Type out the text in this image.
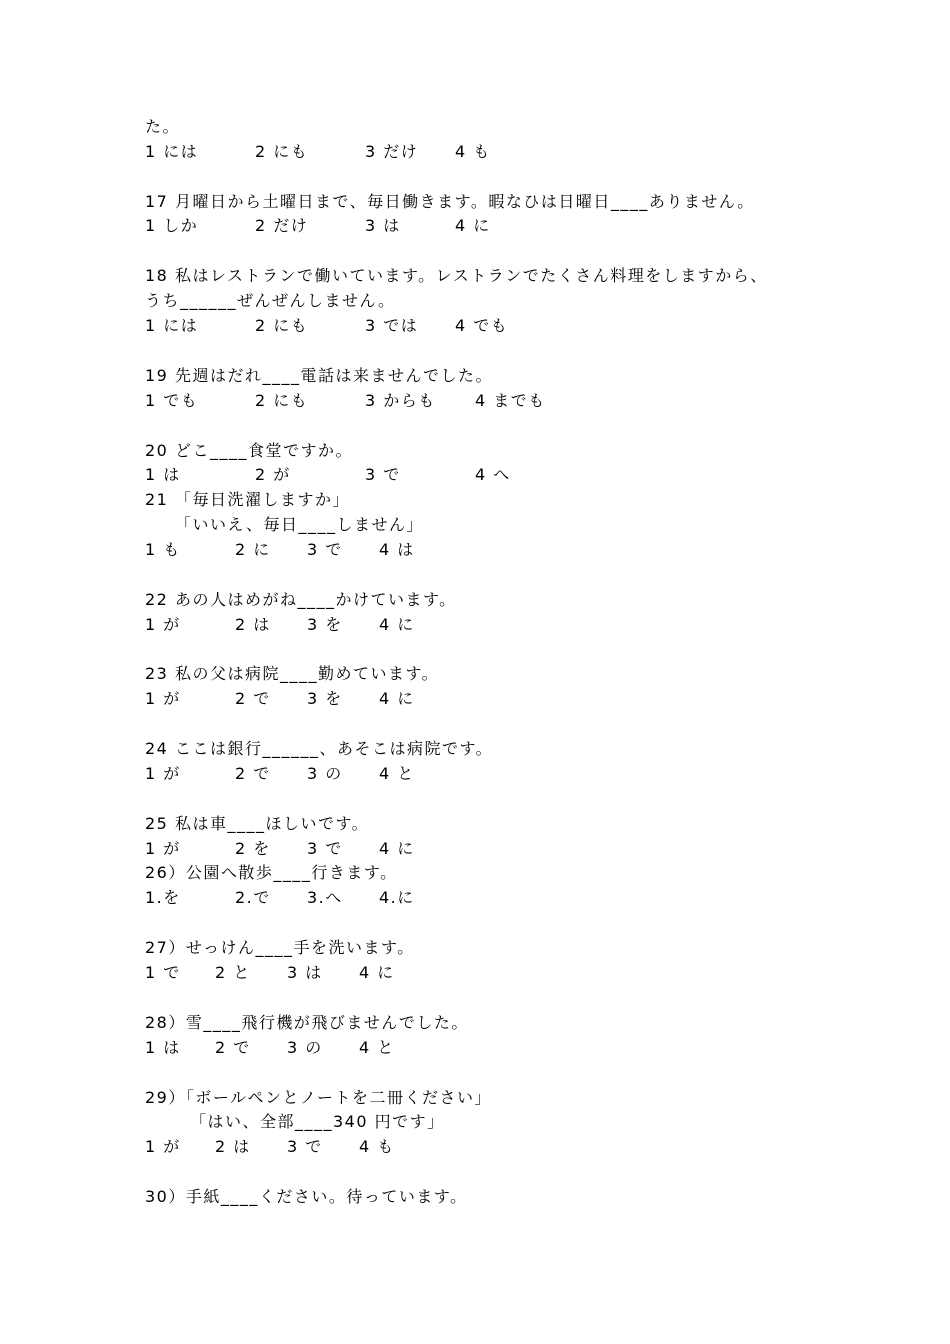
た。
1 には	2 にも	3 だけ 4 も
17 月曜日から土曜日まで、毎日働きます。暇なひは日曜日____ありません。
1 しか	2 だけ	3 は	4 に
18 私はレストランで働いています。レストランでたくさん料理をしますから、
うち______ぜんぜんしません。
1 には	2 にも	3 では 4 でも
19 先週はだれ____電話は来ませんでした。
1 でも	2 にも	3 からも 4 までも
20 どこ____食堂ですか。
1 は	2 が	3 で	4 へ
21 「毎日洗濯しますか」
「いいえ、毎日____しません」
1 も	2 に 3 で 4 は
22 あの人はめがね____かけています。
1 が	2 は 3 を 4 に
23 私の父は病院____勤めています。
1 が	2 で 3 を 4 に
24 ここは銀行______、あそこは病院です。
1 が	2 で 3 の 4 と
25 私は車____ほしいです。
1 が	2 を 3 で 4 に
26）公園へ散歩____行きます。
1.を	2.で 3.へ 4.に
27）せっけん____手を洗います。
1 で 2 と 3 は 4 に
28）雪____飛行機が飛びませんでした。
1 は 2 で 3 の 4 と
29）「ボールペンとノートを二冊ください」
「はい、全部____340 円です」
1 が 2 は 3 で 4 も
30）手紙____ください。待っています。
